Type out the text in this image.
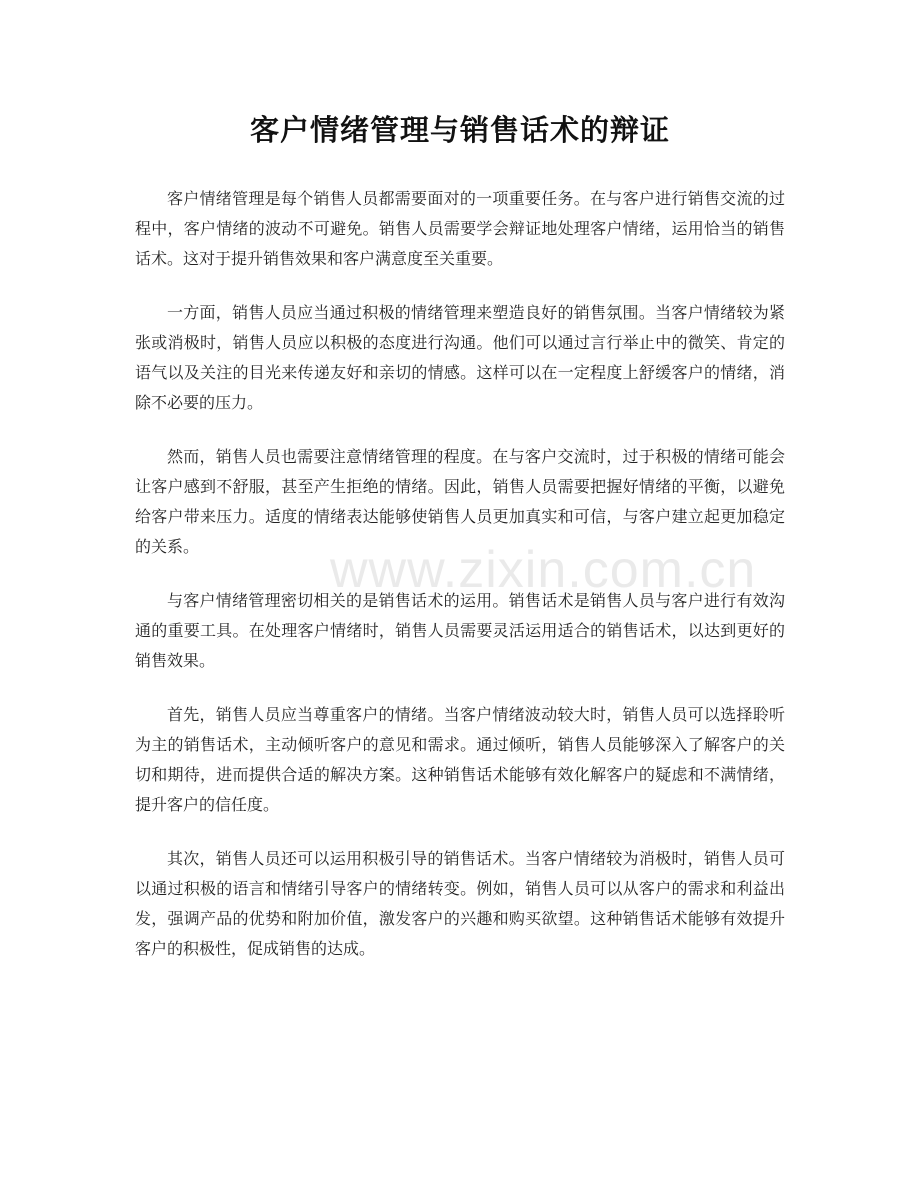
客户情绪管理与销售话术的辩证

客户情绪管理是每个销售人员都需要面对的一项重要任务。在与客户进行销售交流的过程中，客户情绪的波动不可避免。销售人员需要学会辩证地处理客户情绪，运用恰当的销售话术。这对于提升销售效果和客户满意度至关重要。

一方面，销售人员应当通过积极的情绪管理来塑造良好的销售氛围。当客户情绪较为紧张或消极时，销售人员应以积极的态度进行沟通。他们可以通过言行举止中的微笑、肯定的语气以及关注的目光来传递友好和亲切的情感。这样可以在一定程度上舒缓客户的情绪，消除不必要的压力。

然而，销售人员也需要注意情绪管理的程度。在与客户交流时，过于积极的情绪可能会让客户感到不舒服，甚至产生拒绝的情绪。因此，销售人员需要把握好情绪的平衡，以避免给客户带来压力。适度的情绪表达能够使销售人员更加真实和可信，与客户建立起更加稳定的关系。

与客户情绪管理密切相关的是销售话术的运用。销售话术是销售人员与客户进行有效沟通的重要工具。在处理客户情绪时，销售人员需要灵活运用适合的销售话术，以达到更好的销售效果。

首先，销售人员应当尊重客户的情绪。当客户情绪波动较大时，销售人员可以选择聆听为主的销售话术，主动倾听客户的意见和需求。通过倾听，销售人员能够深入了解客户的关切和期待，进而提供合适的解决方案。这种销售话术能够有效化解客户的疑虑和不满情绪，提升客户的信任度。

其次，销售人员还可以运用积极引导的销售话术。当客户情绪较为消极时，销售人员可以通过积极的语言和情绪引导客户的情绪转变。例如，销售人员可以从客户的需求和利益出发，强调产品的优势和附加价值，激发客户的兴趣和购买欲望。这种销售话术能够有效提升客户的积极性，促成销售的达成。

www.zixin.com.cn
